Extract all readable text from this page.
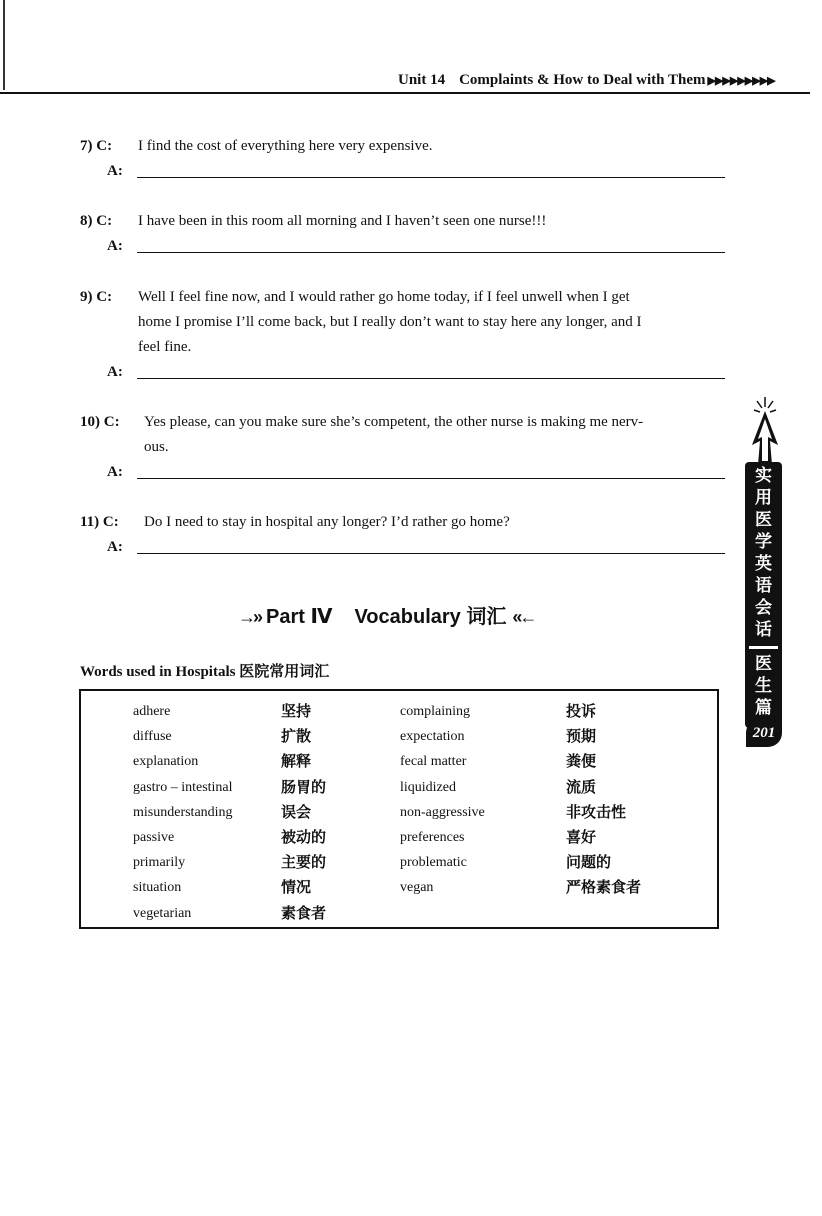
Unit 14 Complaints & How to Deal with Them ▶▶▶▶▶▶▶▶▶
7) C: I find the cost of everything here very expensive.
A:
8) C: I have been in this room all morning and I haven’t seen one nurse!!!
A:
9) C: Well I feel fine now, and I would rather go home today, if I feel unwell when I get
home I promise I’ll come back, but I really don’t want to stay here any longer, and I
feel fine.
A:
10) C: Yes please, can you make sure she’s competent, the other nurse is making me nerv-
ous.
A:
11) C: Do I need to stay in hospital any longer? I’d rather go home?
A:
→» Part Ⅳ Vocabulary 词汇 «←
Words used in Hospitals 医院常用词汇
adhere
diffuse
explanation
gastro – intestinal
misunderstanding
passive
primarily
situation
vegetarian
坚持
扩散
解释
肠胃的
误会
被动的
主要的
情况
素食者
complaining
expectation
fecal matter
liquidized
non-aggressive
preferences
problematic
vegan
投诉
预期
粪便
流质
非攻击性
喜好
问题的
严格素食者
实
用
医
学
英
语
会
话
医
生
篇
201
